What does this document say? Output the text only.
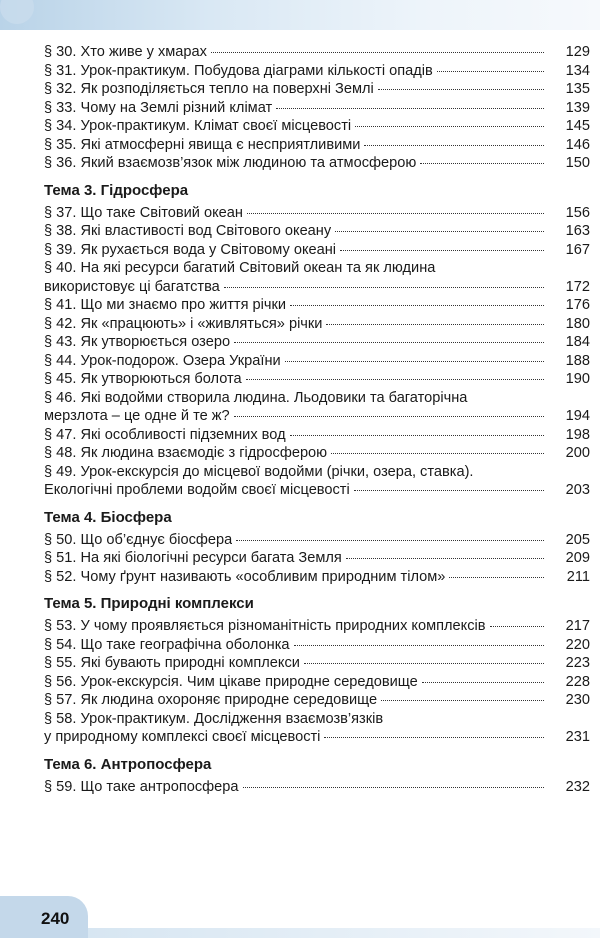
§ 30. Хто живе у хмарах	129
§ 31. Урок-практикум. Побудова діаграми кількості опадів	134
§ 32. Як розподіляється тепло на поверхні Землі	135
§ 33. Чому на Землі різний клімат	139
§ 34. Урок-практикум. Клімат своєї місцевості	145
§ 35. Які атмосферні явища є несприятливими	146
§ 36. Який взаємозв’язок між людиною та атмосферою	150
Тема 3. Гідросфера
§ 37. Що таке Світовий океан	156
§ 38. Які властивості вод Світового океану	163
§ 39. Як рухається вода у Світовому океані	167
§ 40. На які ресурси багатий Світовий океан та як людина
використовує ці багатства	172
§ 41. Що ми знаємо про життя річки	176
§ 42. Як «працюють» і «живляться» річки	180
§ 43. Як утворюється озеро	184
§ 44. Урок-подорож. Озера України	188
§ 45. Як утворюються болота	190
§ 46. Які водойми створила людина. Льодовики та багаторічна
мерзлота – це одне й те ж?	194
§ 47. Які особливості підземних вод	198
§ 48. Як людина взаємодіє з гідросферою	200
§ 49. Урок-екскурсія до місцевої водойми (річки, озера, ставка).
Екологічні проблеми водойм своєї місцевості	203
Тема 4. Біосфера
§ 50. Що об’єднує біосфера	205
§ 51. На які біологічні ресурси багата Земля	209
§ 52. Чому ґрунт називають «особливим природним тілом»	211
Тема 5. Природні комплекси
§ 53. У чому проявляється різноманітність природних комплексів	217
§ 54. Що таке географічна оболонка	220
§ 55. Які бувають природні комплекси	223
§ 56. Урок-екскурсія. Чим цікаве природне середовище	228
§ 57. Як людина охороняє природне середовище	230
§ 58. Урок-практикум. Дослідження взаємозв’язків
у природному комплексі своєї місцевості	231
Тема 6. Антропосфера
§ 59. Що таке антропосфера	232
240
